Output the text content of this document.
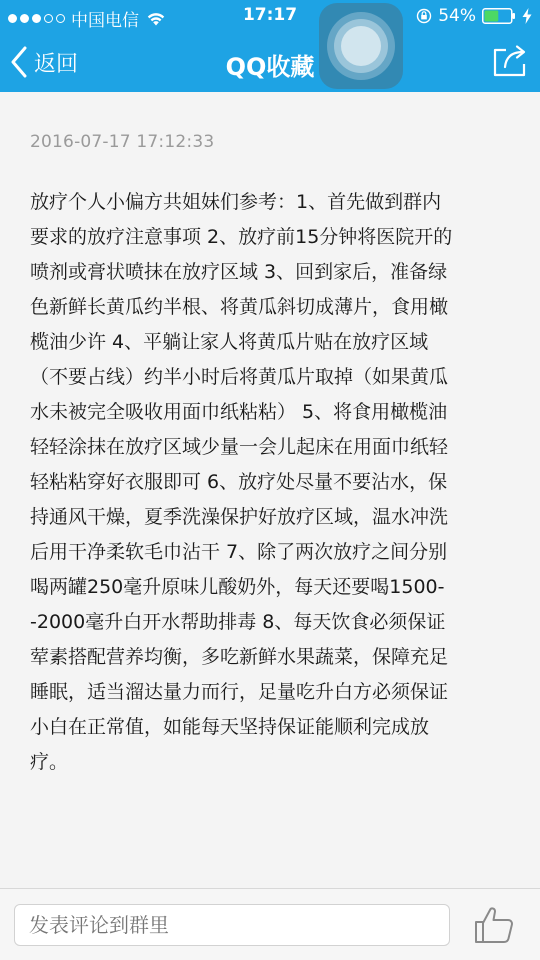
中国电信	17:17	54%
返回	QQ收藏
2016-07-17 17:12:33
放疗个人小偏方共姐妹们参考：1、首先做到群内
要求的放疗注意事项 2、放疗前15分钟将医院开的
喷剂或膏状喷抹在放疗区域 3、回到家后，准备绿
色新鲜长黄瓜约半根、将黄瓜斜切成薄片，食用橄
榄油少许 4、平躺让家人将黄瓜片贴在放疗区域
（不要占线）约半小时后将黄瓜片取掉（如果黄瓜
水未被完全吸收用面巾纸粘粘） 5、将食用橄榄油
轻轻涂抹在放疗区域少量一会儿起床在用面巾纸轻
轻粘粘穿好衣服即可 6、放疗处尽量不要沾水，保
持通风干燥，夏季洗澡保护好放疗区域，温水冲洗
后用干净柔软毛巾沾干 7、除了两次放疗之间分别
喝两罐250毫升原味儿酸奶外，每天还要喝1500-
-2000毫升白开水帮助排毒 8、每天饮食必须保证
荤素搭配营养均衡，多吃新鲜水果蔬菜，保障充足
睡眠，适当溜达量力而行，足量吃升白方必须保证
小白在正常值，如能每天坚持保证能顺利完成放
疗。
发表评论到群里
